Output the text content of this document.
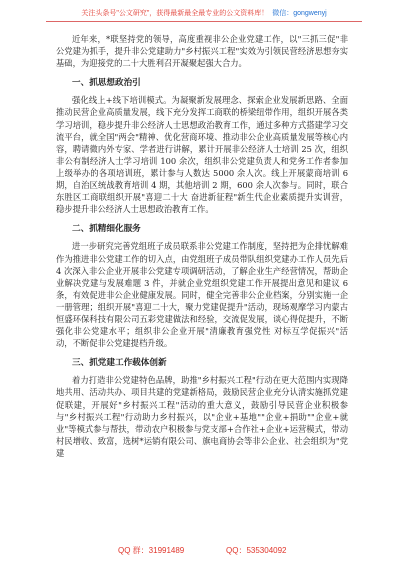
关注头条号"公文研究"，获得最新最全最专业的公文资料库！ 微信：gongwenyj

近年来，*联坚持党的领导，高度重视非公企业党建工作，以"三抓三促"非公党建为抓手，提升非公党建助力"乡村振兴工程"实效为引领民营经济思想夯实基础，为迎接党的二十大胜利召开凝聚起强大合力。

一、抓思想政治引

强化线上+线下培训模式。为凝聚新发展理念、探索企业发展新思路、全面推动民营企业高质量发展，线下充分发挥工商联的桥梁纽带作用，组织开展各类学习培训，稳步提升非公经济人士思想政治教育工作，通过多种方式搭建学习交流平台，就全国"两会"精神、优化营商环境、推动非公企业高质量发展等核心内容，聘请微内外专家、学者进行讲解，累计开展非公经济人士培训 25 次，组织非公有制经济人士学习培训 100 余次，组织非公党建负责人和党务工作者参加上级举办的各项培训班，累计参与人数达 5000 余人次。线上开展蒙商培训 6 期，自治区统战教育培训 4 期，其他培训 2 期，600 余人次参与。同时，联合东胜区工商联组织开展"喜迎二十大 奋进新征程"新生代企业素质提升实训营，稳步提升非公经济人士思想政治教育工作。

二、抓精细化服务

进一步研究完善党组班子成员联系非公党建工作制度，坚持把为企排忧解难作为推进非公党建工作的切入点，由党组班子成员带队组织党建办工作人员先后 4 次深入非公企业开展非公党建专项调研活动，了解企业生产经营情况，帮助企业解决党建与发展难题 3 件，并就企业党组织党建工作开展提出意见和建议 6 条，有效促进非公企业健康发展。同时，健全完善非公企业档案，分别实施一企一册管理；组织开展"喜迎二十大，聚力党建促提升"活动，现场观摩学习内蒙古恒盛环保科技有限公司五彩党建做法和经验，交流促发展，谈心得促提升，不断强化非公党建水平；组织非公企业开展"清廉教育强党性 对标互学促振兴"活动，不断促非公党建提档升级。

三、抓党建工作载体创新

着力打造非公党建特色品牌，助推"乡村振兴工程"行动在更大范围内实现降地共用、活动共办、项目共建的党建新格局，鼓励民营企业充分认清实施抓党建促联建，开展好"乡村振兴工程"活动的重大意义，鼓励引导民营企业积极参与"乡村振兴工程"行动助力乡村振兴，以"企业+基地""企业+捐助""企业+就业"等模式参与帮扶，带动农户积极参与党支部+合作社+企业+运营模式，带动村民增收、致富，选树*运销有限公司、旗电商协会等非公企业、社会组织为"党建

QQ 群：31991489	QQ：535304092
